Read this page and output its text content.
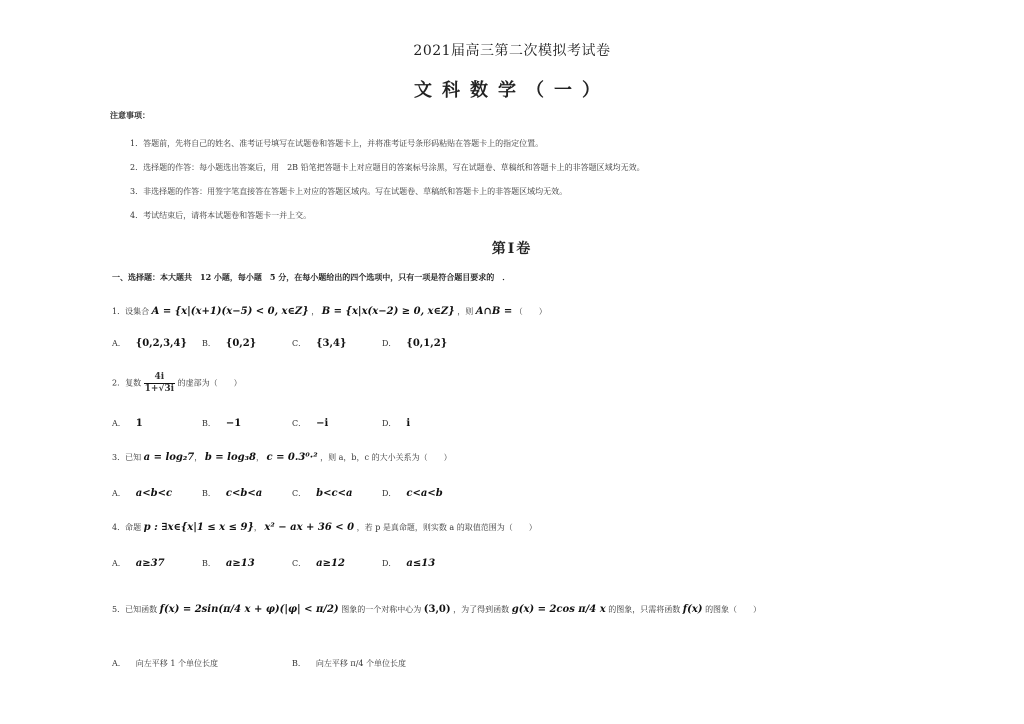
2021届高三第二次模拟考试卷
文科数学（一）
注意事项：
1．答题前，先将自己的姓名、准考证号填写在试题卷和答题卡上，并将准考证号条形码粘贴在答题卡上的指定位置。
2．选择题的作答：每小题选出答案后，用　2B 铅笔把答题卡上对应题目的答案标号涂黑，写在试题卷、草稿纸和答题卡上的非答题区域均无效。
3．非选择题的作答：用签字笔直接答在答题卡上对应的答题区域内。写在试题卷、草稿纸和答题卡上的非答题区域均无效。
4．考试结束后，请将本试题卷和答题卡一并上交。
第Ⅰ卷
一、选择题：本大题共　12 小题，每小题　5 分，在每小题给出的四个选项中，只有一项是符合题目要求的　．
1．设集合 A = {x|(x+1)(x−5) < 0, x∈Z} ， B = {x|x(x−2) ≥ 0, x∈Z} ，则 A∩B = （　　）
A． {0,2,3,4} B． {0,2}	C． {3,4}	D． {0,1,2}
2．复数 $\frac{4i}{1+√3i}$ 的虚部为（　　）
A． 1	B． −1	C． −i	D． i
3．已知 a = log₂7， b = log₃8， c = 0.3⁰·² ，则 a，b，c 的大小关系为（　　）
A． a<b<c	B． c<b<a	C． b<c<a	D． c<a<b
4．命题 p : ∃x∈{x|1 ≤ x ≤ 9}， x² − ax + 36 < 0 ，若 p 是真命题，则实数 a 的取值范围为（　　）
A． a≥37	B． a≥13	C． a≥12	D． a≤13
5．已知函数 f(x) = 2sin(π/4 x + φ)(|φ| < π/2) 图象的一个对称中心为 (3,0) ，为了得到函数 g(x) = 2cos π/4 x 的图象，只需将函数 f(x) 的图象（　　）
A． 向左平移 1 个单位长度	B． 向左平移 π/4 个单位长度
